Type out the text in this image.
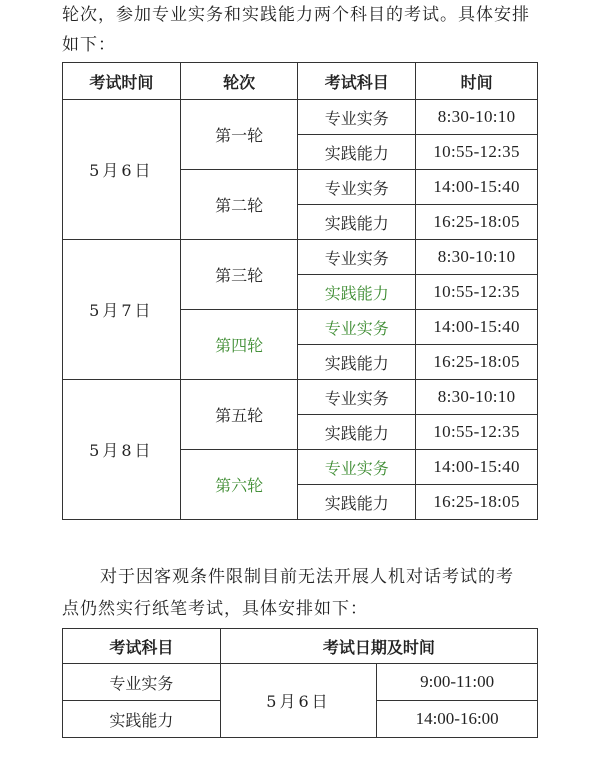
轮次，参加专业实务和实践能力两个科目的考试。具体安排
如下：
考试时间	轮次	考试科目	时间
5月6日	第一轮	专业实务	8:30-10:10
		实践能力	10:55-12:35
	第二轮	专业实务	14:00-15:40
		实践能力	16:25-18:05
5月7日	第三轮	专业实务	8:30-10:10
		实践能力	10:55-12:35
	第四轮	专业实务	14:00-15:40
		实践能力	16:25-18:05
5月8日	第五轮	专业实务	8:30-10:10
		实践能力	10:55-12:35
	第六轮	专业实务	14:00-15:40
		实践能力	16:25-18:05
对于因客观条件限制目前无法开展人机对话考试的考
点仍然实行纸笔考试，具体安排如下：
考试科目	考试日期及时间	
专业实务	5月6日	9:00-11:00
实践能力		14:00-16:00
